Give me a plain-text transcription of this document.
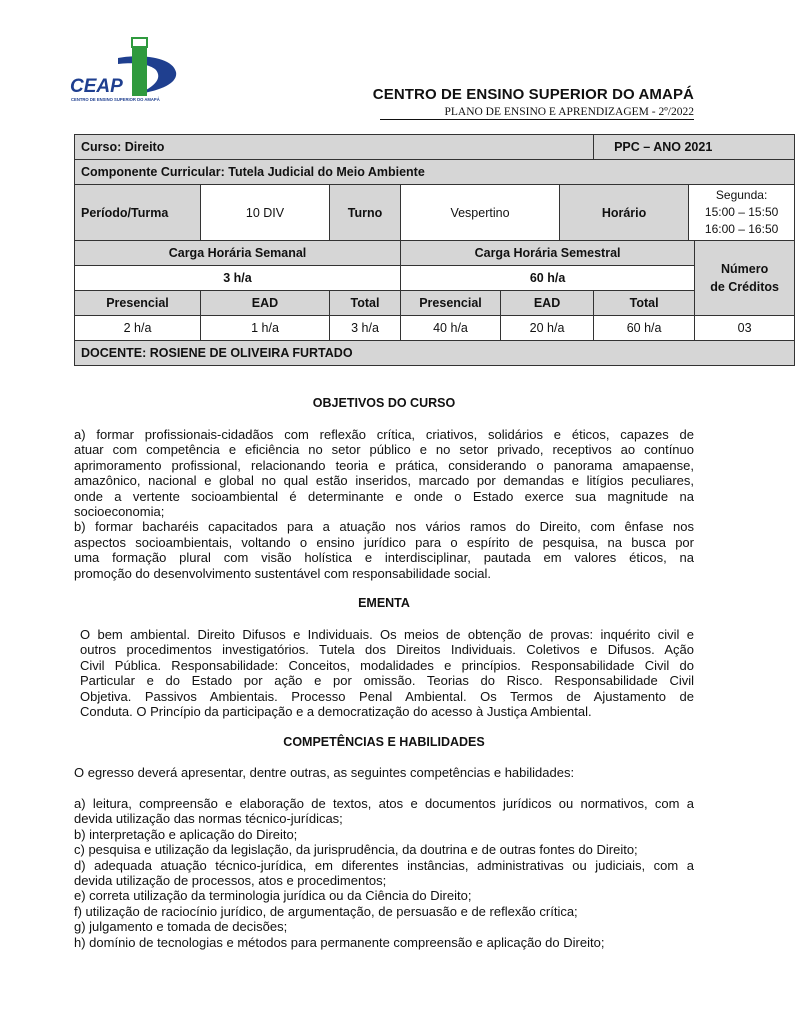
CEAP
CENTRO DE ENSINO SUPERIOR DO AMAPÁ	CENTRO DE ENSINO SUPERIOR DO AMAPÁ
PLANO DE ENSINO E APRENDIZAGEM - 2º/2022
Curso: Direito						PPC – ANO 2021		
Componente Curricular: Tutela Judicial do Meio Ambiente								
Período/Turma	10 DIV	Turno	Vespertino		Horário		Segunda:
15:00 – 15:50
16:00 – 16:50	

Carga Horária Semanal			Carga Horária Semestral					Número
de Créditos

3 h/a			60 h/a					
Presencial	EAD	Total	Presencial	EAD		Total		
2 h/a	1 h/a	3 h/a	40 h/a	20 h/a		60 h/a		03
DOCENTE: ROSIENE DE OLIVEIRA FURTADO								
OBJETIVOS DO CURSO
a) formar profissionais-cidadãos com reflexão crítica, criativos, solidários e éticos, capazes de
atuar com competência e eficiência no setor público e no setor privado, receptivos ao contínuo
aprimoramento profissional, relacionando teoria e prática, considerando o panorama amapaense,
amazônico, nacional e global no qual estão inseridos, marcado por demandas e litígios peculiares,
onde a vertente socioambiental é determinante e onde o Estado exerce sua magnitude na
socioeconomia;
b) formar bacharéis capacitados para a atuação nos vários ramos do Direito, com ênfase nos
aspectos socioambientais, voltando o ensino jurídico para o espírito de pesquisa, na busca por
uma formação plural com visão holística e interdisciplinar, pautada em valores éticos, na
promoção do desenvolvimento sustentável com responsabilidade social.
EMENTA
O bem ambiental. Direito Difusos e Individuais. Os meios de obtenção de provas: inquérito civil e
outros procedimentos investigatórios. Tutela dos Direitos Individuais. Coletivos e Difusos. Ação
Civil Pública. Responsabilidade: Conceitos, modalidades e princípios. Responsabilidade Civil do
Particular e do Estado por ação e por omissão. Teorias do Risco. Responsabilidade Civil
Objetiva. Passivos Ambientais. Processo Penal Ambiental. Os Termos de Ajustamento de
Conduta. O Princípio da participação e a democratização do acesso à Justiça Ambiental.
COMPETÊNCIAS E HABILIDADES
O egresso deverá apresentar, dentre outras, as seguintes competências e habilidades:
a) leitura, compreensão e elaboração de textos, atos e documentos jurídicos ou normativos, com a
devida utilização das normas técnico-jurídicas;
b) interpretação e aplicação do Direito;
c) pesquisa e utilização da legislação, da jurisprudência, da doutrina e de outras fontes do Direito;
d) adequada atuação técnico-jurídica, em diferentes instâncias, administrativas ou judiciais, com a
devida utilização de processos, atos e procedimentos;
e) correta utilização da terminologia jurídica ou da Ciência do Direito;
f) utilização de raciocínio jurídico, de argumentação, de persuasão e de reflexão crítica;
g) julgamento e tomada de decisões;
h) domínio de tecnologias e métodos para permanente compreensão e aplicação do Direito;
